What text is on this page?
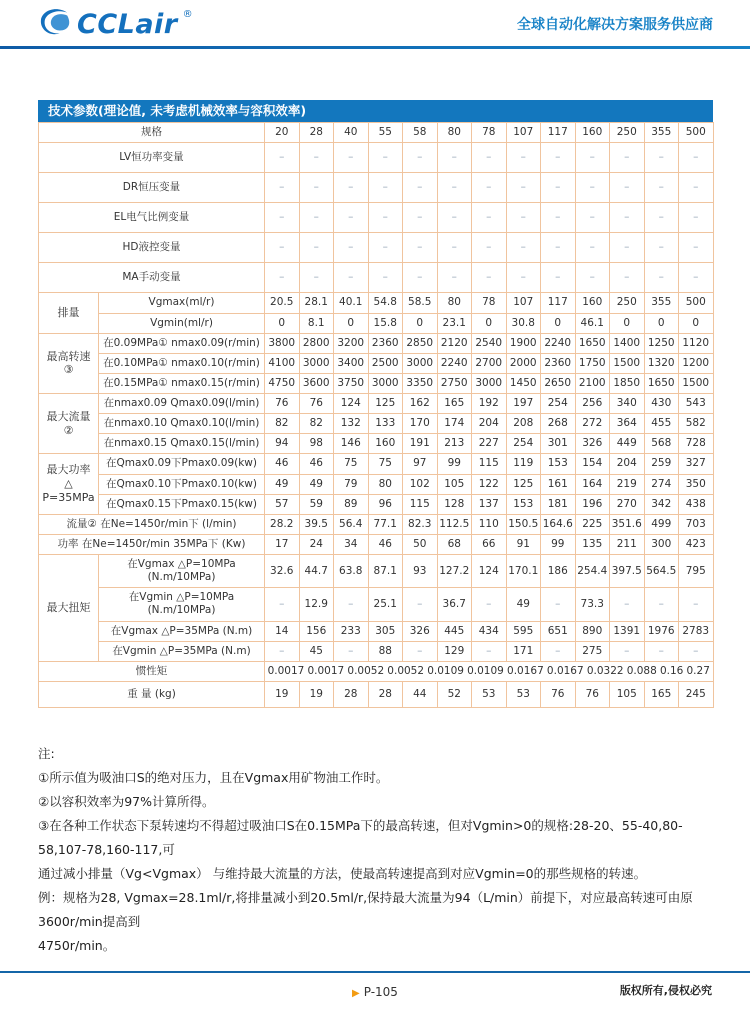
CCLair ®
全球自动化解决方案服务供应商
技术参数(理论值, 未考虑机械效率与容积效率)
规格		20	28	40	55	58	80	78	107	117	160	250	355	500
LV恒功率变量		–	–	–	–	–	–	–	–	–	–	–	–	–
DR恒压变量		–	–	–	–	–	–	–	–	–	–	–	–	–
EL电气比例变量		–	–	–	–	–	–	–	–	–	–	–	–	–
HD液控变量		–	–	–	–	–	–	–	–	–	–	–	–	–
MA手动变量		–	–	–	–	–	–	–	–	–	–	–	–	–
排量	Vgmax(ml/r)	20.5	28.1	40.1	54.8	58.5	80	78	107	117	160	250	355	500
	Vgmin(ml/r)	0	8.1	0	15.8	0	23.1	0	30.8	0	46.1	0	0	0
最高转速③	在0.09MPa① nmax0.09(r/min)	3800	2800	3200	2360	2850	2120	2540	1900	2240	1650	1400	1250	1120
	在0.10MPa① nmax0.10(r/min)	4100	3000	3400	2500	3000	2240	2700	2000	2360	1750	1500	1320	1200
	在0.15MPa① nmax0.15(r/min)	4750	3600	3750	3000	3350	2750	3000	1450	2650	2100	1850	1650	1500
最大流量②	在nmax0.09 Qmax0.09(l/min)	76	76	124	125	162	165	192	197	254	256	340	430	543
	在nmax0.10 Qmax0.10(l/min)	82	82	132	133	170	174	204	208	268	272	364	455	582
	在nmax0.15 Qmax0.15(l/min)	94	98	146	160	191	213	227	254	301	326	449	568	728
最大功率 △ P=35MPa	在Qmax0.09下Pmax0.09(kw)	46	46	75	75	97	99	115	119	153	154	204	259	327
	在Qmax0.10下Pmax0.10(kw)	49	49	79	80	102	105	122	125	161	164	219	274	350
	在Qmax0.15下Pmax0.15(kw)	57	59	89	96	115	128	137	153	181	196	270	342	438
流量② 在Ne=1450r/min下 (l/min)		28.2	39.5	56.4	77.1	82.3	112.5	110	150.5	164.6	225	351.6	499	703
功率 在Ne=1450r/min 35MPa下 (Kw)		17	24	34	46	50	68	66	91	99	135	211	300	423
最大扭矩	在Vgmax △P=10MPa (N.m/10MPa)	32.6	44.7	63.8	87.1	93	127.2	124	170.1	186	254.4	397.5	564.5	795
	在Vgmin △P=10MPa (N.m/10MPa)	–	12.9	–	25.1	–	36.7	–	49	–	73.3	–	–	–
	在Vgmax △P=35MPa (N.m)	14	156	233	305	326	445	434	595	651	890	1391	1976	2783
	在Vgmin △P=35MPa (N.m)	–	45	–	88	–	129	–	171	–	275	–	–	–
惯性矩	0.0017 0.0017 0.0052 0.0052 0.0109 0.0109 0.0167 0.0167 0.0322 0.088 0.16 0.27

重 量 (kg)		19	19	28	28	44	52	53	53	76	76	105	165	245
注:
①所示值为吸油口S的绝对压力，且在Vgmax用矿物油工作时。
②以容积效率为97%计算所得。
③在各种工作状态下泵转速均不得超过吸油口S在0.15MPa下的最高转速，但对Vgmin>0的规格:28-20、55-40,80-58,107-78,160-117,可
通过减小排量（Vg<Vgmax） 与维持最大流量的方法，使最高转速提高到对应Vgmin=0的那些规格的转速。
例：规格为28, Vgmax=28.1ml/r,将排量减小到20.5ml/r,保持最大流量为94（L/min）前提下，对应最高转速可由原3600r/min提高到
4750r/min。
▶ P-105	版权所有,侵权必究
